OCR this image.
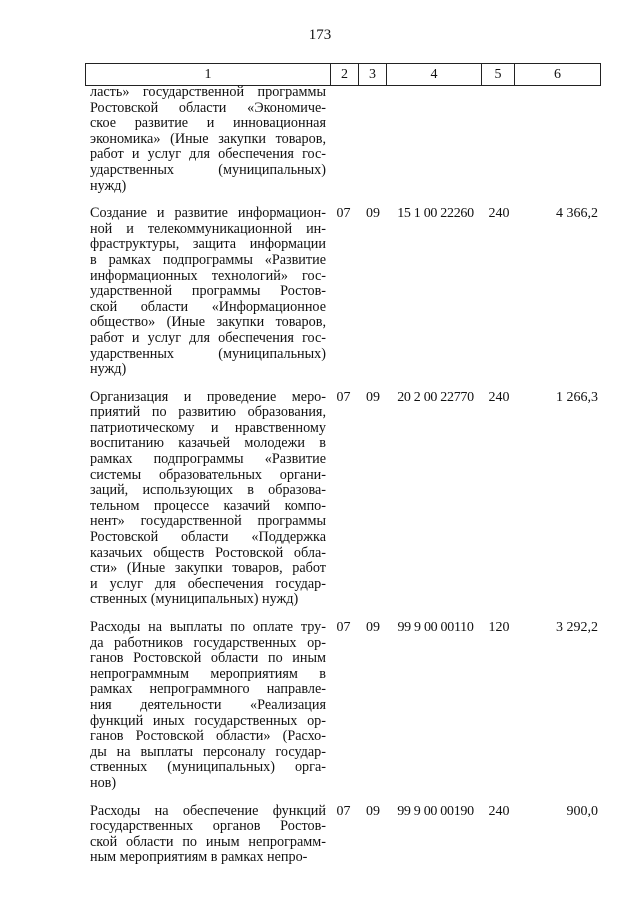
173
1	2	3	4	5	6
ласть» государственной программы
Ростовской области «Экономиче-
ское развитие и инновационная
экономика» (Иные закупки товаров,
работ и услуг для обеспечения гос-
ударственных (муниципальных)
нужд)
Создание и развитие информацион-
ной и телекоммуникационной ин-
фраструктуры, защита информации
в рамках подпрограммы «Развитие
информационных технологий» гос-
ударственной программы Ростов-
ской области «Информационное
общество» (Иные закупки товаров,
работ и услуг для обеспечения гос-
ударственных (муниципальных)
нужд)
07	09	15 1 00 22260	240	4 366,2
Организация и проведение меро-
приятий по развитию образования,
патриотическому и нравственному
воспитанию казачьей молодежи в
рамках подпрограммы «Развитие
системы образовательных органи-
заций, использующих в образова-
тельном процессе казачий компо-
нент» государственной программы
Ростовской области «Поддержка
казачьих обществ Ростовской обла-
сти» (Иные закупки товаров, работ
и услуг для обеспечения государ-
ственных (муниципальных) нужд)
07	09	20 2 00 22770	240	1 266,3
Расходы на выплаты по оплате тру-
да работников государственных ор-
ганов Ростовской области по иным
непрограммным мероприятиям в
рамках непрограммного направле-
ния деятельности «Реализация
функций иных государственных ор-
ганов Ростовской области» (Расхо-
ды на выплаты персоналу государ-
ственных (муниципальных) орга-
нов)
07	09	99 9 00 00110	120	3 292,2
Расходы на обеспечение функций
государственных органов Ростов-
ской области по иным непрограмм-
ным мероприятиям в рамках непро-
07	09	99 9 00 00190	240	900,0
